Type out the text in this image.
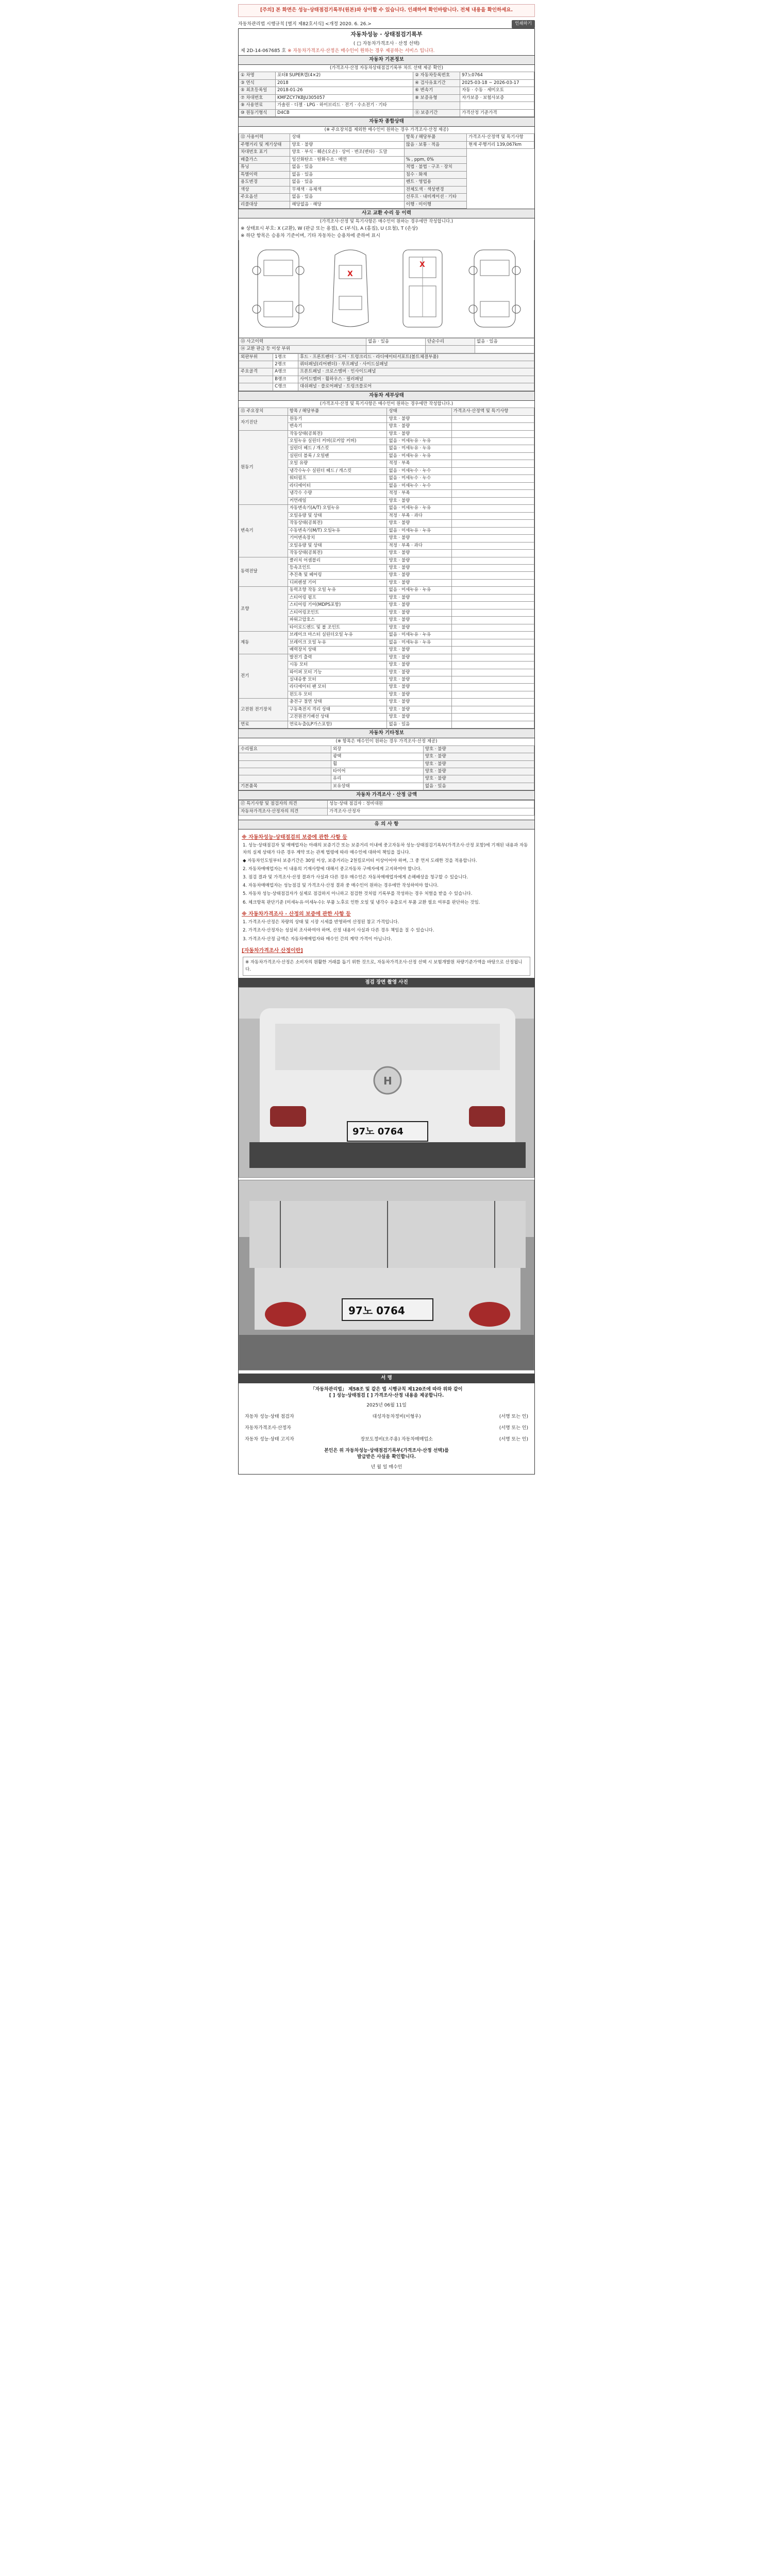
[주의] 본 화면은 성능·상태점검기록부(원본)와 상이할 수 있습니다. 인쇄하여 확인바랍니다. 전체 내용을 확인하세요.
자동차관리법 시행규칙 [별지 제82호서식] <개정 2020. 6. 26.>	인쇄하기
자동차성능 · 상태점검기록부
( □ 자동차가격조사 · 산정 선택)
제 2D-14-067685 호 ※ 자동차가격조사·산정은 매수인이 원하는 경우 제공하는 서비스 입니다.
자동차 기본정보
(가격조사·산정 자동차상태점검기록부 차트 선택 제공 확인)
① 차명	포터Ⅱ SUPER캡(4×2)	② 자동차등록번호	97노0764
③ 연식	2018	④ 검사유효기간	2025-03-18 ~ 2026-03-17
⑤ 최초등록일	2018-01-26	⑥ 변속기	자동 · 수동 · 세미오토
⑦ 차대번호	KMFZCY7KBJU305057	⑧ 보증유형	자가보증 · 보험사보증
⑨ 사용연료	가솔린 · 디젤 · LPG · 하이브리드 · 전기 · 수소전기 · 기타		
⑩ 원동기형식	D4CB	⑪ 보증기간	가격산정 기준가격
자동차 종합상태
(※ 주요장치를 제외한 매수인이 원하는 경우 가격조사·산정 제공)
⑫ 사용이력	상태	항목 / 해당부품	가격조사·산정액 및 특기사항
주행거리 및 계기상태	양호 · 불량	많음 · 보통 · 적음	현재 주행거리 139,067km
차대번호 표기	양호 · 부식 · 훼손(오손) · 상이 · 변조(변타) · 도말		
배출가스	일산화탄소 · 탄화수소 · 매연	% , ppm, 0%	
튜닝	없음 · 있음	적법 · 불법 · 구조 · 장치	
특별이력	없음 · 있음	침수 · 화재	
용도변경	없음 · 있음	렌트 · 영업용	
색상	무채색 · 유채색	전체도색 · 색상변경	
주요옵션	없음 · 있음	선루프 · 내비게이션 · 기타	
리콜대상	해당없음 · 해당	이행 · 미이행	
사고 교환 수리 등 이력
(가격조사·산정 및 특기사항은 매수인이 원하는 경우에만 작성합니다.)
※ 상태표시 부호: X (교환), W (판금 또는 용접), C (부식), A (흠집), U (요철), T (손상)
※ 하단 항목은 승용차 기준이며, 기타 자동차는 승용차에 준하여 표시
X
X
⑬ 사고이력	없음 · 있음	단순수리	없음 · 있음
⑭ 교환 판금 등 이상 부위			
외판부위	1랭크	후드 · 프론트펜더 · 도어 · 트렁크리드 · 라디에이터서포트(볼트체결부품)
	2랭크	쿼터패널(리어펜더) · 루프패널 · 사이드실패널
주요골격	A랭크	프론트패널 · 크로스멤버 · 인사이드패널
	B랭크	사이드멤버 · 휠하우스 · 필러패널
	C랭크	대쉬패널 · 플로어패널 · 트렁크플로어
자동차 세부상태
(가격조사·산정 및 특기사항은 매수인이 원하는 경우에만 작성합니다.)
⑮ 주요장치	항목 / 해당부품	상태	가격조사·산정액 및 특기사항
자기진단	원동기	양호 · 불량	
	변속기	양호 · 불량	
원동기	작동상태(공회전)	양호 · 불량	
	오일누유 실린더 커버(로커암 커버)	없음 · 미세누유 · 누유	
	실린더 헤드 / 개스킷	없음 · 미세누유 · 누유	
	실린더 블록 / 오일팬	없음 · 미세누유 · 누유	
	오일 유량	적정 · 부족	
	냉각수누수 실린더 헤드 / 개스킷	없음 · 미세누수 · 누수	
	워터펌프	없음 · 미세누수 · 누수	
	라디에이터	없음 · 미세누수 · 누수	
	냉각수 수량	적정 · 부족	
	커먼레일	양호 · 불량	
변속기	자동변속기(A/T) 오일누유	없음 · 미세누유 · 누유	
	오일유량 및 상태	적정 · 부족 · 과다	
	작동상태(공회전)	양호 · 불량	
	수동변속기(M/T) 오일누유	없음 · 미세누유 · 누유	
	기어변속장치	양호 · 불량	
	오일유량 및 상태	적정 · 부족 · 과다	
	작동상태(공회전)	양호 · 불량	
동력전달	클러치 어셈블리	양호 · 불량	
	등속조인트	양호 · 불량	
	추진축 및 베어링	양호 · 불량	
	디퍼렌셜 기어	양호 · 불량	
조향	동력조향 작동 오일 누유	없음 · 미세누유 · 누유	
	스티어링 펌프	양호 · 불량	
	스티어링 기어(MDPS포함)	양호 · 불량	
	스티어링조인트	양호 · 불량	
	파워고압호스	양호 · 불량	
	타이로드엔드 및 볼 조인트	양호 · 불량	
제동	브레이크 마스터 실린더오일 누유	없음 · 미세누유 · 누유	
	브레이크 오일 누유	없음 · 미세누유 · 누유	
	배력장치 상태	양호 · 불량	
전기	발전기 출력	양호 · 불량	
	시동 모터	양호 · 불량	
	와이퍼 모터 기능	양호 · 불량	
	실내송풍 모터	양호 · 불량	
	라디에이터 팬 모터	양호 · 불량	
	윈도우 모터	양호 · 불량	
고전원 전기장치	충전구 절연 상태	양호 · 불량	
	구동축전지 격리 상태	양호 · 불량	
	고전원전기배선 상태	양호 · 불량	
연료	연료누출(LP가스포함)	없음 · 있음	
자동차 기타정보
(※ 항목은 매수인이 원하는 경우 가격조사·산정 제공)
수리필요	외장	양호 · 불량
	광택	양호 · 불량
	휠	양호 · 불량
	타이어	양호 · 불량
	유리	양호 · 불량
기본품목	보유상태	없음 · 있음
자동차 가격조사 · 산정 금액
⑰ 특기사항 및 점검자의 의견	성능·상태 점검자 : 정비대원
자동차가격조사·산정자의 의견	가격조사·산정자
유 의 사 항
※ 자동차성능·상태점검의 보증에 관한 사항 등

1. 성능·상태점검자 및 매매업자는 아래의 보증기간 또는 보증거리 이내에 중고자동차 성능·상태점검기록부(가격조사·산정 포함)에 기재된 내용과 자동차의 실제 상태가 다른 경우 계약 또는 관계 법령에 따라 매수인에 대하여 책임을 집니다.

◆ 자동차인도일부터 보증기간은 30일 이상, 보증거리는 2천킬로미터 이상이어야 하며, 그 중 먼저 도래한 것을 적용합니다.

2. 자동차매매업자는 이 내용의 기재사항에 대해서 중고자동차 구매자에게 고지하여야 합니다.

3. 점검 결과 및 가격조사·산정 결과가 사실과 다른 경우 매수인은 자동차매매업자에게 손해배상을 청구할 수 있습니다.

4. 자동차매매업자는 성능점검 및 가격조사·산정 결과 중 매수인이 원하는 경우에만 작성하여야 합니다.

5. 자동차 성능·상태점검자가 실제로 점검하지 아니하고 점검한 것처럼 기록부를 작성하는 경우 처벌을 받을 수 있습니다.

6. 체크항목 판단기준 (미세누유·미세누수): 부품 노후로 인한 오일 및 냉각수 유출로서 부품 교환 필요 여부를 판단하는 것임.

※ 자동차가격조사 · 산정의 보증에 관한 사항 등

1. 가격조사·산정은 차량의 상태 및 시장 시세를 반영하여 산정된 참고 가격입니다.

2. 가격조사·산정자는 성실히 조사하여야 하며, 산정 내용이 사실과 다른 경우 책임을 질 수 있습니다.

3. 가격조사·산정 금액은 자동차매매업자와 매수인 간의 계약 가격이 아닙니다.

[자동차가격조사 산정이란]
※ 자동차가격조사·산정은 소비자의 원활한 거래를 돕기 위한 것으로, 자동차가격조사·산정 선택 시 보험개발원 차량기준가액을 바탕으로 산정됩니다.
점검 장면 촬영 사진
H
97노 0764
97노 0764
서 명
「자동차관리법」 제58조 및 같은 법 시행규칙 제120조에 따라 위와 같이
[ ] 성능·상태점검 [ ] 가격조사·산정 내용을 제공합니다.
2025년 06월 11일
자동차 성능·상태 점검자	대성자동차정비(이형우)	(서명 또는 인)
자동차가격조사·산정자	(서명 또는 인)
자동차 성능·상태 고지자	장보도정비(오주용) 자동차매매업소	(서명 또는 인)
본인은 위 자동차성능·상태점검기록부(가격조사·산정 선택)를
발급받은 사실을 확인합니다.
년 월 일 매수인
